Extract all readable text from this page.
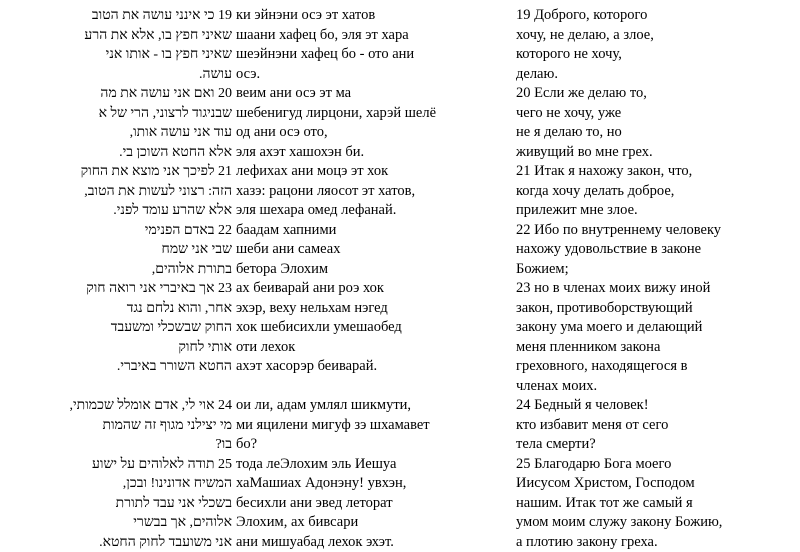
19 כי אינני עושה את הטוב
שאיני חפץ בו, אלא את הרע
שאיני חפץ בו - אותו אני
עושה.
20 ואם אני עושה את מה
שבניגוד לרצוני, הרי של א
עוד אני עושה אותו,
אלא החטא השוכן בי.
21 לפיכך אני מוצא את החוק
הזה: רצוני לעשות את הטוב,
אלא שהרע עומד לפני.
22 באדם הפנימי
שבי אני שמח
בתורת אלוהים,
23 אך באיברי אני רואה חוק
אחר, והוא נלחם נגד
החוק שבשכלי ומשעבד
אותי לחוק
החטא השורר באיברי.
24 אוי לי, אדם אומלל שכמותי,
מי יצילני מגוף זה שהמות
בו?
25 תודה לאלוהים על ישוע
המשיח אדונינו! ובכן,
בשכלי אני עבד לתורת
אלוהים, אך בבשרי
אני משועבד לחוק החטא.
ки эйнэни осэ эт хатов
шаани хафец бо, эля эт хара
шеэйнэни хафец бо - ото ани
осэ.
веим ани осэ эт ма
шебенигуд лирцони, харэй шелё
од ани осэ ото,
эля ахэт хашохэн би.
лефихах ани моцэ эт хок
хазэ: рацони ляосот эт хатов,
эля шехара омед лефанай.
баадам хапними
шеби ани самеах
бетора Элохим
ах беиварай ани роэ хок
эхэр, веху нельхам нэгед
хок шебисихли умешаобед
оти лехок
ахэт хасорэр беиварай.
ои ли, адам умлял шикмути,
ми яцилени мигуф зэ шхамавет
бо?
тода леЭлохим эль Иешуа
хаМашиах Адонэну! увхэн,
бесихли ани эвед леторат
Элохим, ах бивсари
ани мишуабад лехок эхэт.
19 Доброго, которого
хочу, не делаю, а злое,
которого не хочу,
делаю.
20 Если же делаю то,
чего не хочу, уже
не я делаю то, но
живущий во мне грех.
21 Итак я нахожу закон, что,
когда хочу делать доброе,
прилежит мне злое.
22 Ибо по внутреннему человеку
нахожу удовольствие в законе
Божием;
23 но в членах моих вижу иной
закон, противоборствующий
закону ума моего и делающий
меня пленником закона
греховного, находящегося в
членах моих.
24 Бедный я человек!
кто избавит меня от сего
тела смерти?
25 Благодарю Бога моего
Иисусом Христом, Господом
нашим. Итак тот же самый я
умом моим служу закону Божию,
а плотию закону греха.
